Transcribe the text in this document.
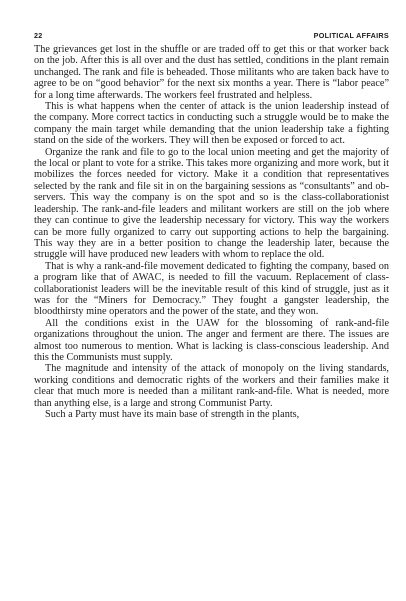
22	POLITICAL AFFAIRS

The grievances get lost in the shuffle or are traded off to get this or that worker back on the job. After this is all over and the dust has settled, conditions in the plant remain unchanged. The rank and file is beheaded. Those militants who are taken back have to agree to be on “good behavior” for the next six months a year. There is “labor peace” for a long time afterwards. The workers feel frustrated and helpless.

This is what happens when the center of attack is the union leadership instead of the company. More correct tactics in conducting such a struggle would be to make the company the main target while demanding that the union leadership take a fighting stand on the side of the workers. They will then be exposed or forced to act.

Organize the rank and file to go to the local union meeting and get the majority of the local or plant to vote for a strike. This takes more organizing and more work, but it mobilizes the forces needed for victory. Make it a condition that representatives selected by the rank and file sit in on the bargaining sessions as “consultants” and observers. This way the company is on the spot and so is the class-collaborationist leadership. The rank-and-file leaders and militant workers are still on the job where they can continue to give the leadership necessary for victory. This way the workers can be more fully organized to carry out supporting actions to help the bargaining. This way they are in a better position to change the leadership later, because the struggle will have produced new leaders with whom to replace the old.

That is why a rank-and-file movement dedicated to fighting the company, based on a program like that of AWAC, is needed to fill the vacuum. Replacement of class-collaborationist leaders will be the inevitable result of this kind of struggle, just as it was for the “Miners for Democracy.” They fought a gangster leadership, the bloodthirsty mine operators and the power of the state, and they won.

All the conditions exist in the UAW for the blossoming of rank-and-file organizations throughout the union. The anger and ferment are there. The issues are almost too numerous to mention. What is lacking is class-conscious leadership. And this the Communists must supply.

The magnitude and intensity of the attack of monopoly on the living standards, working conditions and democratic rights of the workers and their families make it clear that much more is needed than a militant rank-and-file. What is needed, more than anything else, is a large and strong Communist Party.

Such a Party must have its main base of strength in the plants,
